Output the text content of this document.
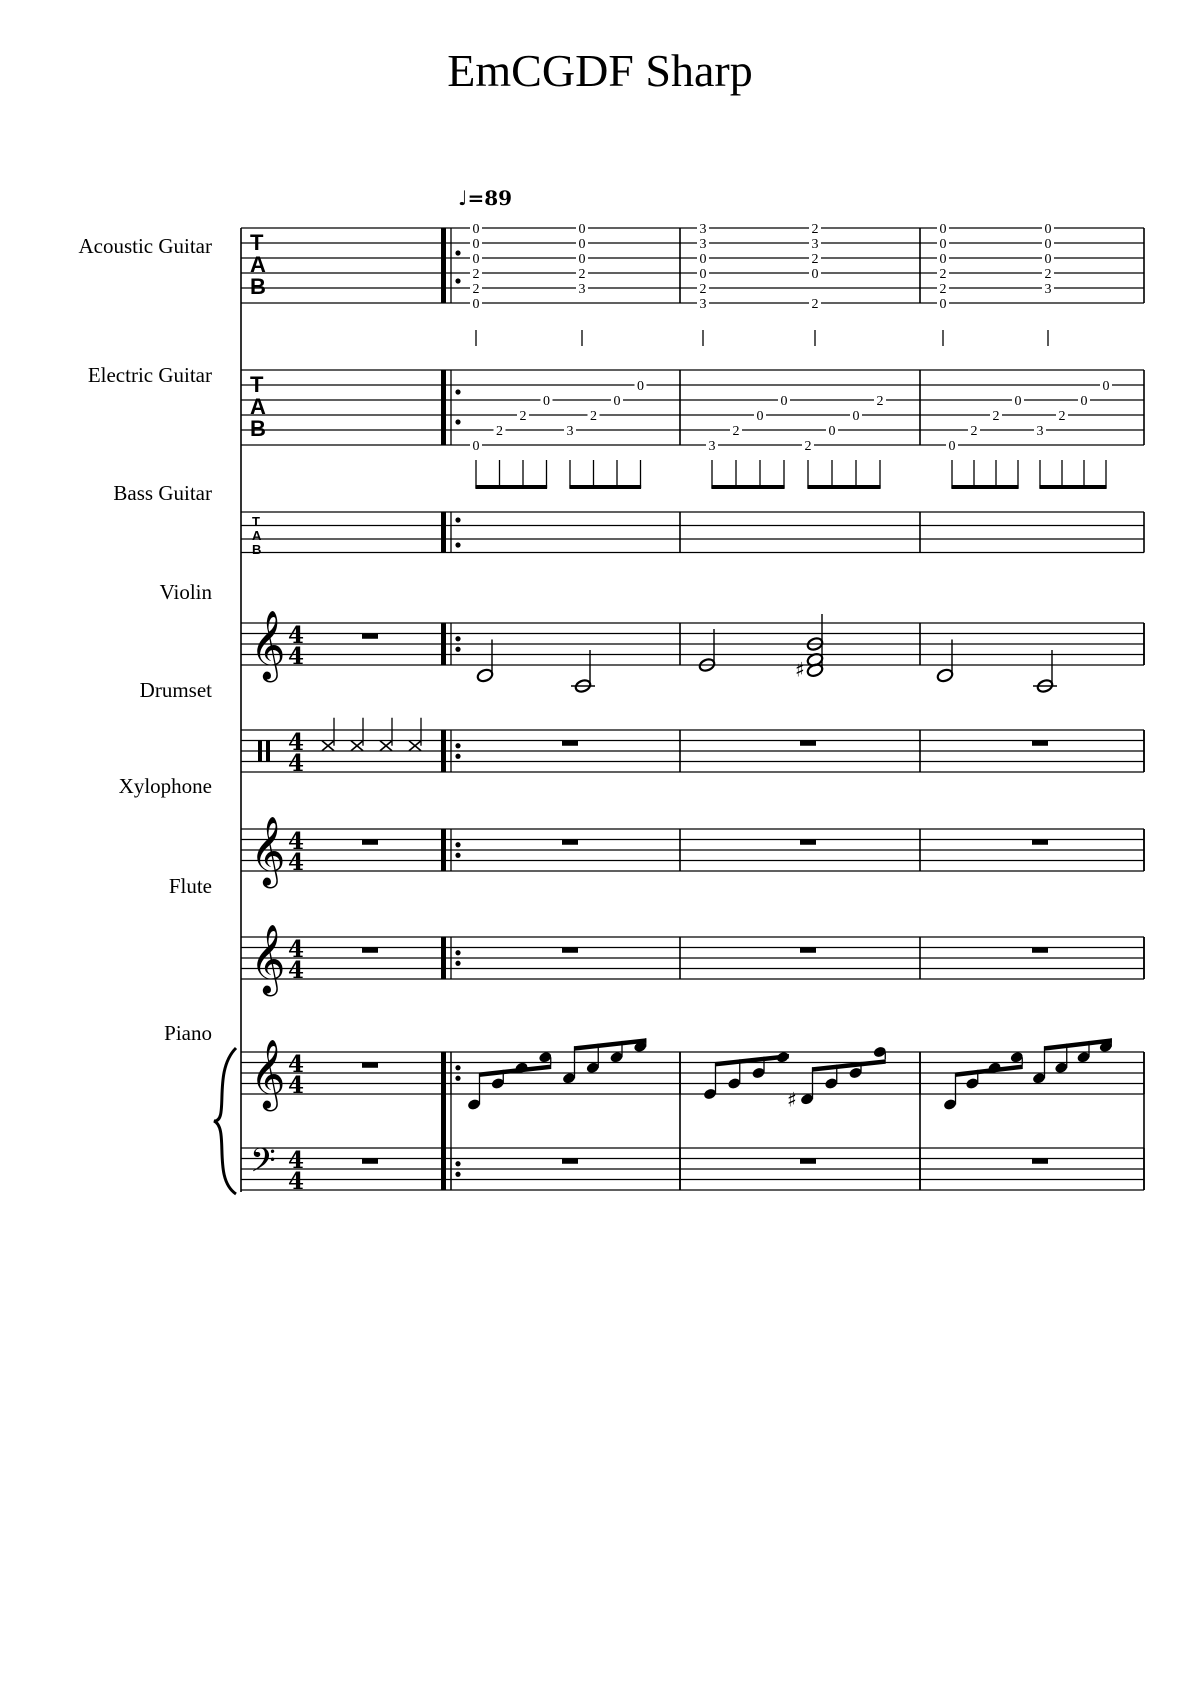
EmCGDF Sharp
♩=89
Acoustic Guitar
Electric Guitar
Bass Guitar
Violin
Drumset
Xylophone
Flute
Piano
T
A
B
0
0
0
2
2
0
0
0
0
2
3
3
3
0
0
2
3
2
3
2
0
2
0
0
0
2
2
0
0
0
0
2
3
T
A
B
0
2
2
0
3
2
0
0
3
2
0
0
2
0
0
2
0
2
2
0
3
2
0
0
T
A
B
𝄞 4
4	♯
4
4
𝄞 4
4
𝄞 4
4
𝄞 4
4
♯
𝄢 4
4
